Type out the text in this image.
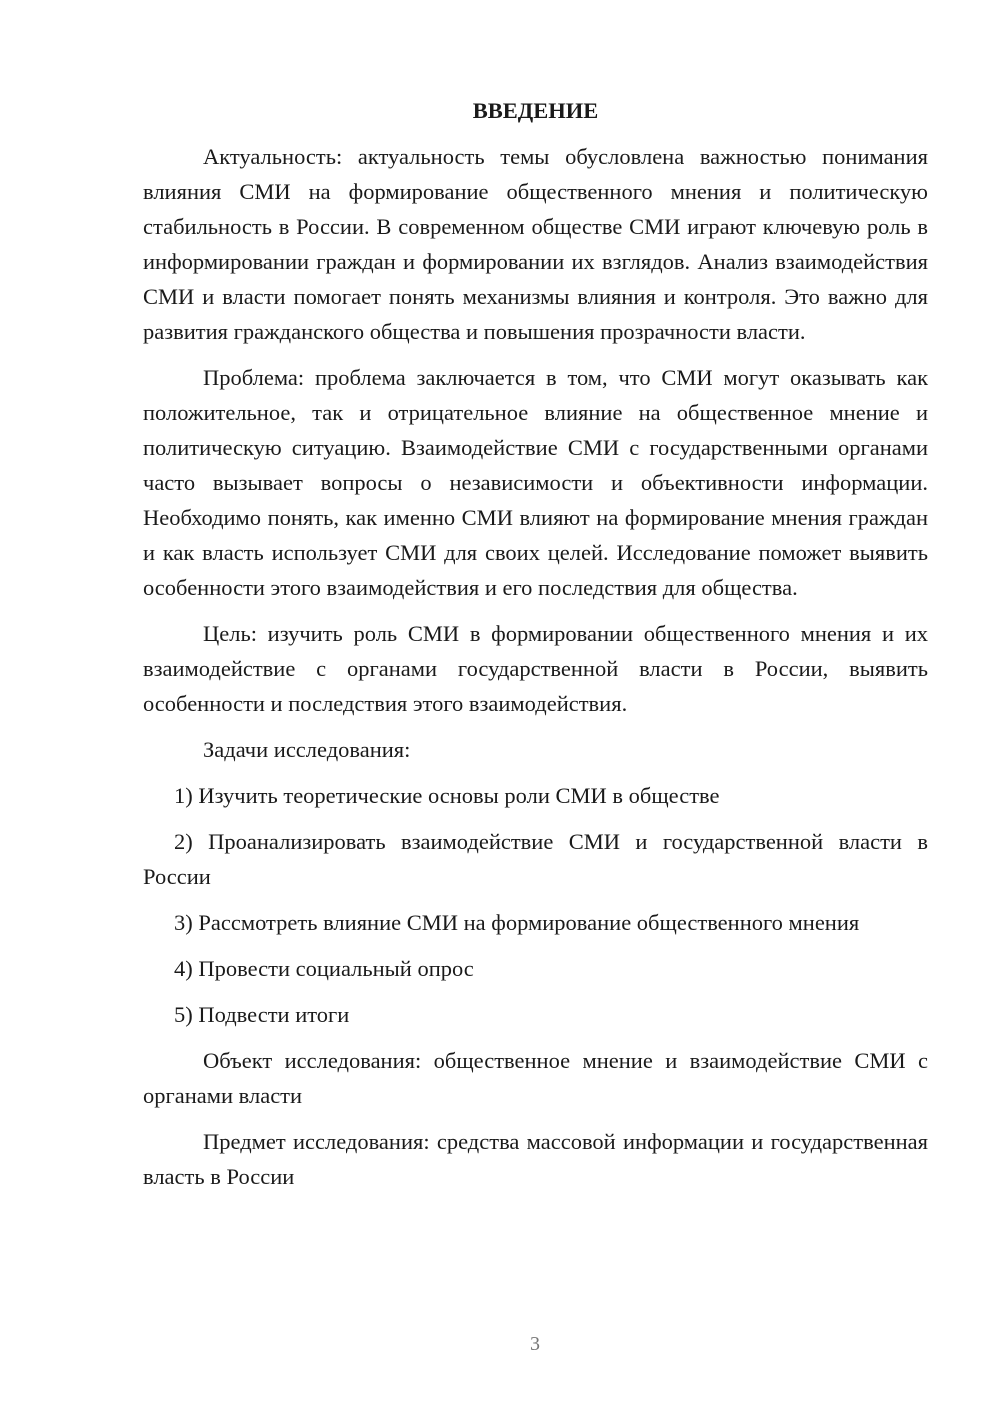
ВВЕДЕНИЕ

Актуальность: актуальность темы обусловлена важностью понимания влияния СМИ на формирование общественного мнения и политическую стабильность в России. В современном обществе СМИ играют ключевую роль в информировании граждан и формировании их взглядов. Анализ взаимодействия СМИ и власти помогает понять механизмы влияния и контроля. Это важно для развития гражданского общества и повышения прозрачности власти.

Проблема: проблема заключается в том, что СМИ могут оказывать как положительное, так и отрицательное влияние на общественное мнение и политическую ситуацию. Взаимодействие СМИ с государственными органами часто вызывает вопросы о независимости и объективности информации. Необходимо понять, как именно СМИ влияют на формирование мнения граждан и как власть использует СМИ для своих целей. Исследование поможет выявить особенности этого взаимодействия и его последствия для общества.

Цель: изучить роль СМИ в формировании общественного мнения и их взаимодействие с органами государственной власти в России, выявить особенности и последствия этого взаимодействия.

Задачи исследования:

1) Изучить теоретические основы роли СМИ в обществе

2) Проанализировать взаимодействие СМИ и государственной власти в России

3) Рассмотреть влияние СМИ на формирование общественного мнения

4) Провести социальный опрос

5) Подвести итоги

Объект исследования: общественное мнение и взаимодействие СМИ с органами власти

Предмет исследования: средства массовой информации и государственная власть в России

3
